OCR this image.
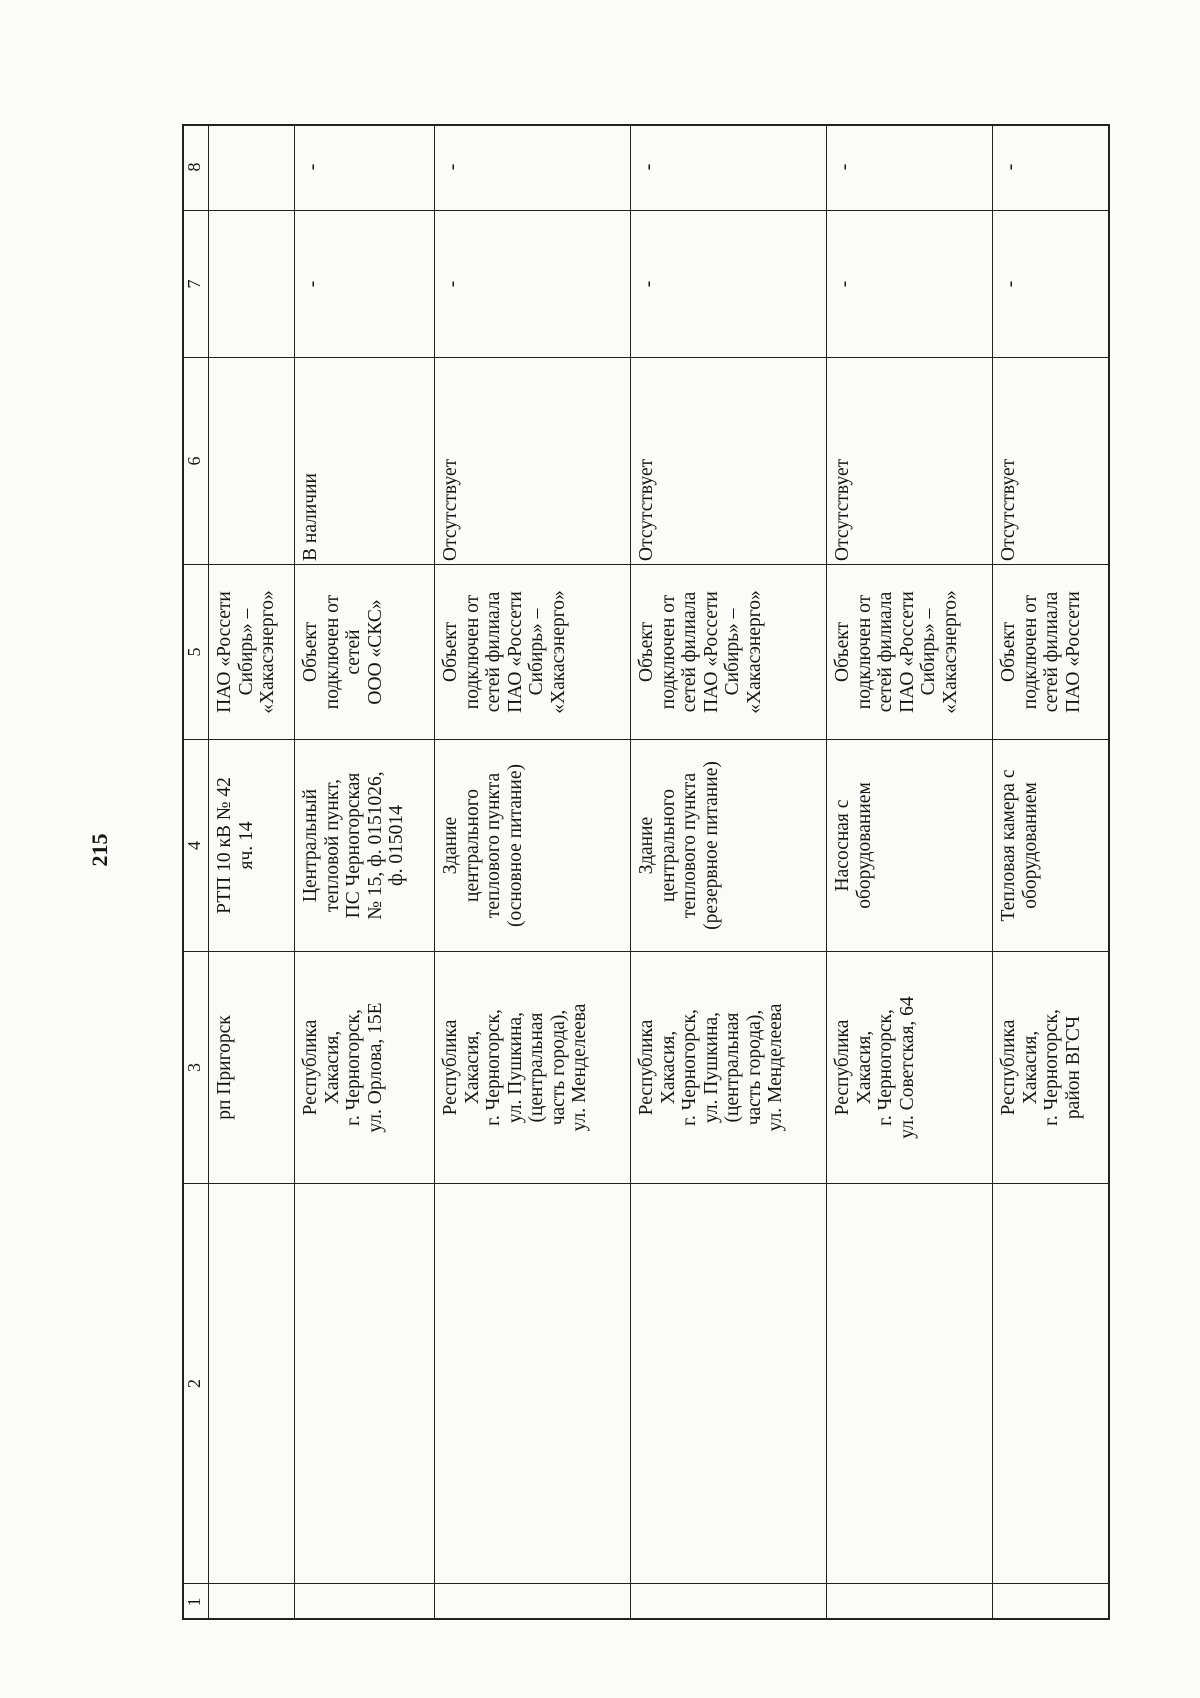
215
1
2
3
4
5
6
7
8
рп Пригорск
РТП 10 кВ № 42
яч. 14
ПАО «Россети
Сибирь» –
«Хакасэнерго»
Республика
Хакасия,
г. Черногорск,
ул. Орлова, 15Е
Центральный
тепловой пункт,
ПС Черногорская
№ 15, ф. 0151026,
ф. 015014
Объект
подключен от
сетей
ООО «СКС»
В наличии
-
-
Республика
Хакасия,
г. Черногорск,
ул. Пушкина,
(центральная
часть города),
ул. Менделеева
Здание
центрального
теплового пункта
(основное питание)
Объект
подключен от
сетей филиала
ПАО «Россети
Сибирь» –
«Хакасэнерго»
Отсутствует
-
-
Республика
Хакасия,
г. Черногорск,
ул. Пушкина,
(центральная
часть города),
ул. Менделеева
Здание
центрального
теплового пункта
(резервное питание)
Объект
подключен от
сетей филиала
ПАО «Россети
Сибирь» –
«Хакасэнерго»
Отсутствует
-
-
Республика
Хакасия,
г. Черногорск,
ул. Советская, 64
Насосная с
оборудованием
Объект
подключен от
сетей филиала
ПАО «Россети
Сибирь» –
«Хакасэнерго»
Отсутствует
-
-
Республика
Хакасия,
г. Черногорск,
район ВГСЧ
Тепловая камера с
оборудованием
Объект
подключен от
сетей филиала
ПАО «Россети
Отсутствует
-
-
